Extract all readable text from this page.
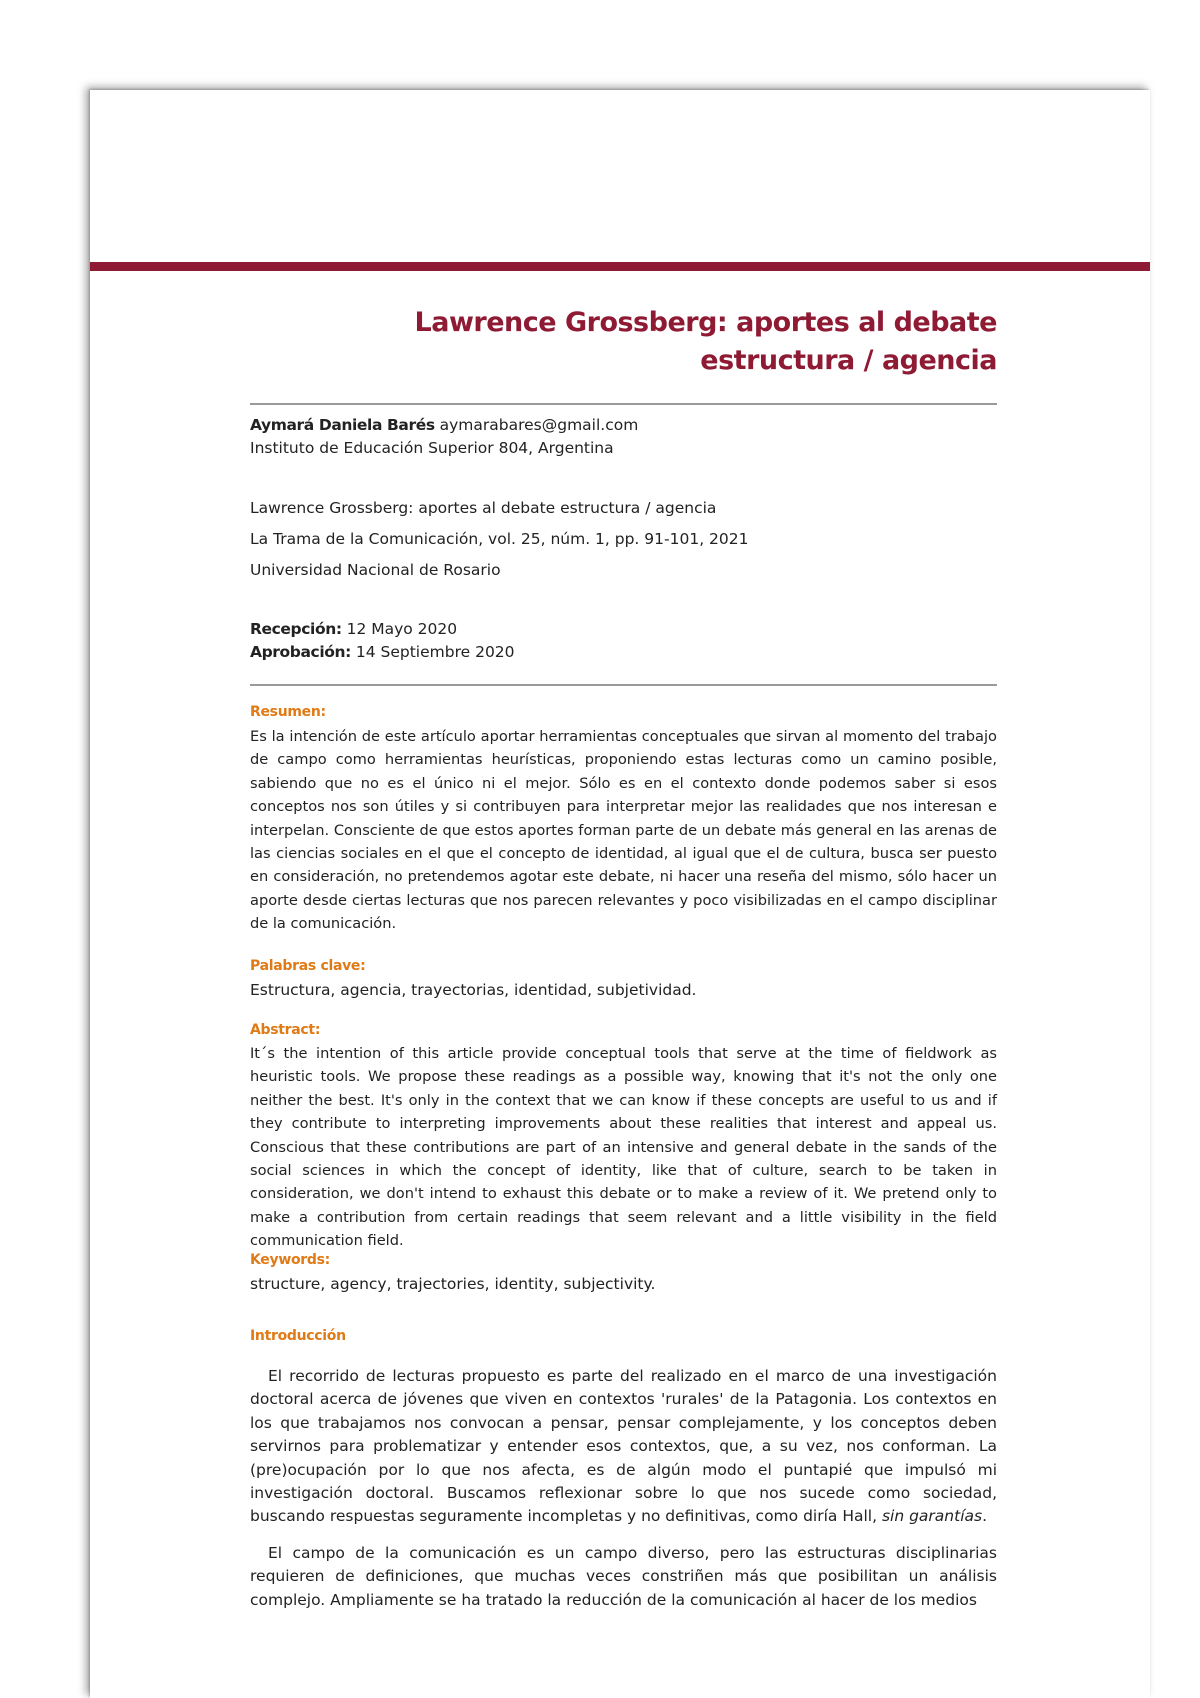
Lawrence Grossberg: aportes al debate
estructura / agencia
Aymará Daniela Barés aymarabares@gmail.com
Instituto de Educación Superior 804, Argentina
Lawrence Grossberg: aportes al debate estructura / agencia
La Trama de la Comunicación, vol. 25, núm. 1, pp. 91-101, 2021
Universidad Nacional de Rosario
Recepción: 12 Mayo 2020
Aprobación: 14 Septiembre 2020
Resumen:
Es la intención de este artículo aportar herramientas conceptuales que sirvan al momento del trabajo de campo como herramientas heurísticas, proponiendo estas lecturas como un camino posible, sabiendo que no es el único ni el mejor. Sólo es en el contexto donde podemos saber si esos conceptos nos son útiles y si contribuyen para interpretar mejor las realidades que nos interesan e interpelan. Consciente de que estos aportes forman parte de un debate más general en las arenas de las ciencias sociales en el que el concepto de identidad, al igual que el de cultura, busca ser puesto en consideración, no pretendemos agotar este debate, ni hacer una reseña del mismo, sólo hacer un aporte desde ciertas lecturas que nos parecen relevantes y poco visibilizadas en el campo disciplinar de la comunicación.
Palabras clave:
Estructura, agencia, trayectorias, identidad, subjetividad.
Abstract:
It´s the intention of this article provide conceptual tools that serve at the time of fieldwork as heuristic tools. We propose these readings as a possible way, knowing that it's not the only one neither the best. It's only in the context that we can know if these concepts are useful to us and if they contribute to interpreting improvements about these realities that interest and appeal us. Conscious that these contributions are part of an intensive and general debate in the sands of the social sciences in which the concept of identity, like that of culture, search to be taken in consideration, we don't intend to exhaust this debate or to make a review of it. We pretend only to make a contribution from certain readings that seem relevant and a little visibility in the field communication field.
Keywords:
structure, agency, trajectories, identity, subjectivity.
Introducción

El recorrido de lecturas propuesto es parte del realizado en el marco de una investigación doctoral acerca de jóvenes que viven en contextos 'rurales' de la Patagonia. Los contextos en los que trabajamos nos convocan a pensar, pensar complejamente, y los conceptos deben servirnos para problematizar y entender esos contextos, que, a su vez, nos conforman. La (pre)ocupación por lo que nos afecta, es de algún modo el puntapié que impulsó mi investigación doctoral. Buscamos reflexionar sobre lo que nos sucede como sociedad, buscando respuestas seguramente incompletas y no definitivas, como diría Hall, sin garantías.

El campo de la comunicación es un campo diverso, pero las estructuras disciplinarias requieren de definiciones, que muchas veces constriñen más que posibilitan un análisis complejo. Ampliamente se ha tratado la reducción de la comunicación al hacer de los medios
